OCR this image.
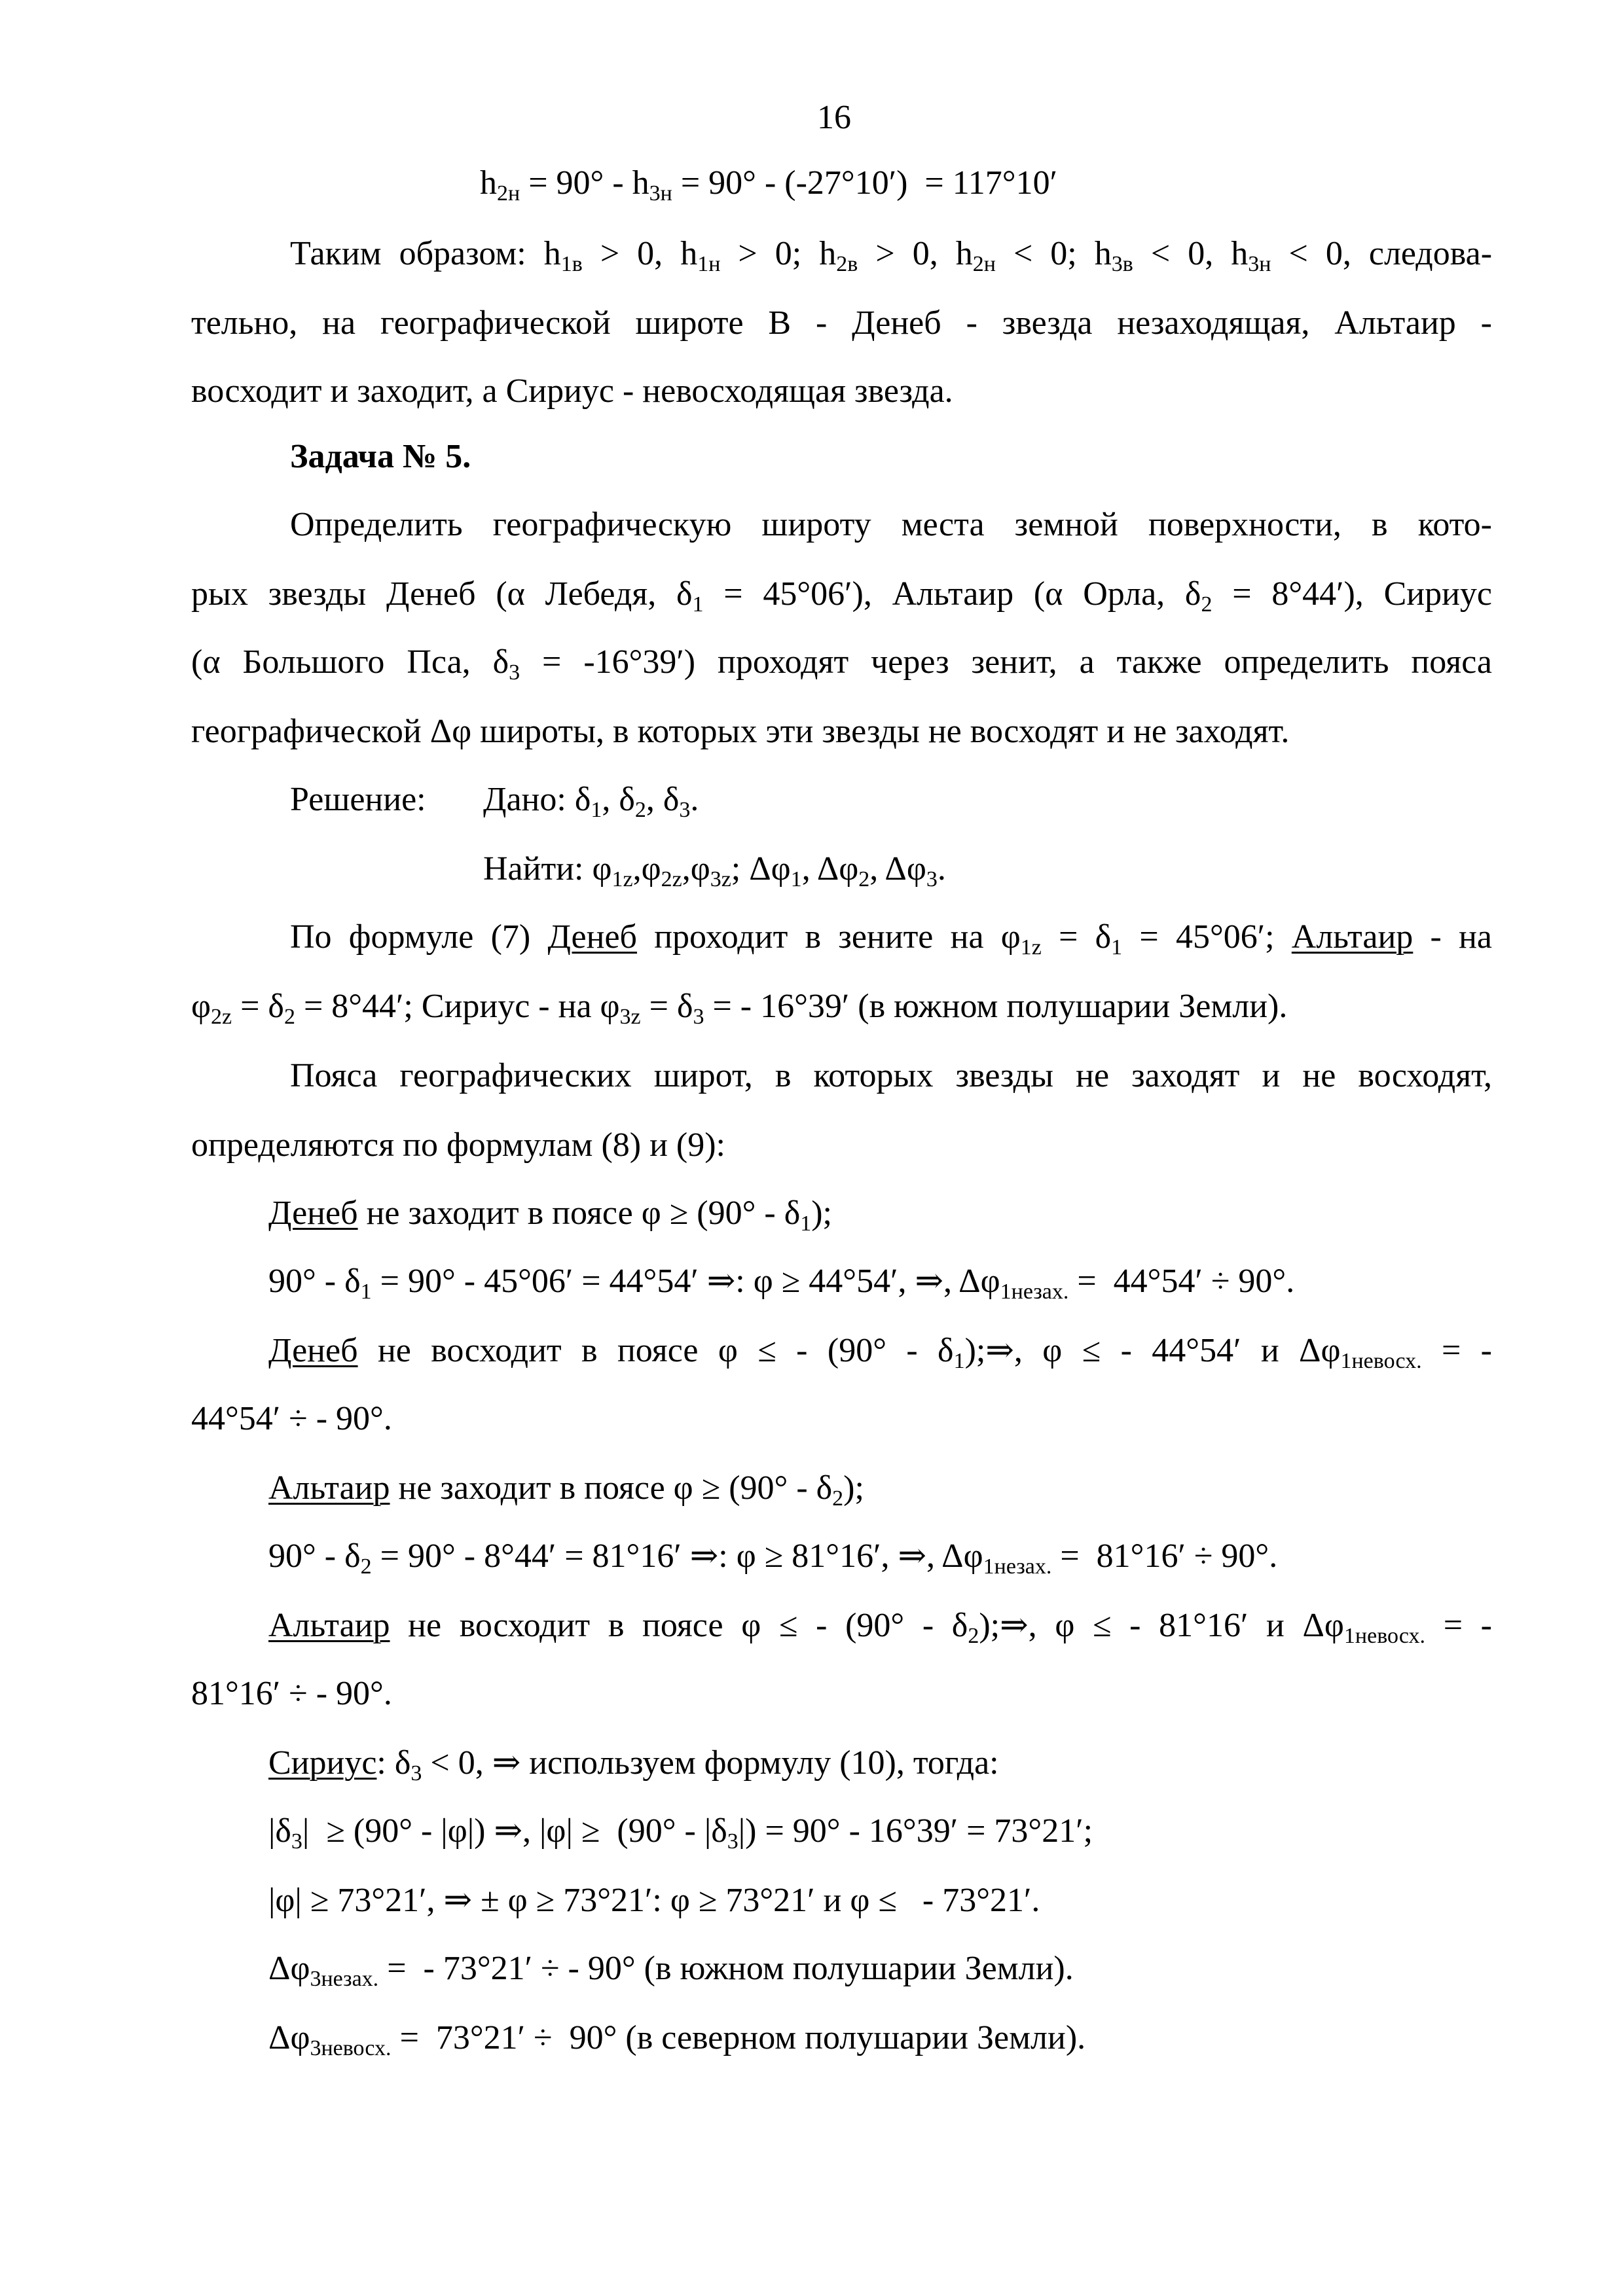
16
$h_{2н} = 90^\circ - h_{3н} = 90^\circ - (-27^\circ 10') = 117^\circ 10'$
Таким образом: $h_{1в} > 0$, $h_{1н} > 0$; $h_{2в} > 0$, $h_{2н} < 0$; $h_{3в} < 0$, $h_{3н} < 0$, следова-
тельно, на географической широте В - Денеб - звезда незаходящая, Альтаир -
восходит и заходит, а Сириус - невосходящая звезда.
Задача № 5.
Определить географическую широту места земной поверхности, в кото-
рых звезды Денеб (α Лебедя, $\delta_1 = 45^\circ 06'$), Альтаир (α Орла, $\delta_2 = 8^\circ 44'$), Сириус
(α Большого Пса, $\delta_3 = -16^\circ 39'$) проходят через зенит, а также определить пояса
географической Δφ широты, в которых эти звезды не восходят и не заходят.
Решение: Дано: $\delta_1$, $\delta_2$, $\delta_3$.
Найти: $\varphi_{1z},\varphi_{2z},\varphi_{3z}$; $\Delta\varphi_1$, $\Delta\varphi_2$, $\Delta\varphi_3$.
По формуле (7) Денеб проходит в зените на $\varphi_{1z} = \delta_1 = 45^\circ 06'$; Альтаир - на
$\varphi_{2z} = \delta_2 = 8^\circ 44'$; Сириус - на $\varphi_{3z} = \delta_3$ = - 16°39′ (в южном полушарии Земли).
Пояса географических широт, в которых звезды не заходят и не восходят,
определяются по формулам (8) и (9):
Денеб не заходит в поясе $\varphi \ge (90^\circ - \delta_1)$;
$90^\circ - \delta_1 = 90^\circ - 45^\circ 06' = 44^\circ 54'$ ⇒: φ ≥ 44°54′, ⇒, $\Delta\varphi_{1незах.} = 44^\circ 54' \div 90^\circ$.
Денеб не восходит в поясе φ ≤ - $(90^\circ - \delta_1);\Rightarrow$, φ ≤ - 44°54′ и $\Delta\varphi_{1невосх.}$ = -
44°54′ ÷ - 90°.
Альтаир не заходит в поясе $\varphi \ge (90^\circ - \delta_2)$;
$90^\circ - \delta_2 = 90^\circ - 8^\circ 44' = 81^\circ 16'$ ⇒: φ ≥ 81°16′, ⇒, $\Delta\varphi_{1незах.} = 81^\circ 16' \div 90^\circ$.
Альтаир не восходит в поясе φ ≤ - $(90^\circ - \delta_2);\Rightarrow$, φ ≤ - 81°16′ и $\Delta\varphi_{1невосх.}$ = -
81°16′ ÷ - 90°.
Сириус: $\delta_3 < 0$, ⇒ используем формулу (10), тогда:
$|\delta_3| \ge (90^\circ - |\varphi|)$ ⇒, $|\varphi| \ge (90^\circ - |\delta_3|) = 90^\circ - 16^\circ 39' = 73^\circ 21'$;
|φ| ≥ 73°21′, ⇒ ± φ ≥ 73°21′: φ ≥ 73°21′ и φ ≤   - 73°21′.
$\Delta\varphi_{3незах.}$ =  - 73°21′ ÷ - 90° (в южном полушарии Земли).
$\Delta\varphi_{3невосх.} = 73^\circ 21' \div 90^\circ$ (в северном полушарии Земли).
